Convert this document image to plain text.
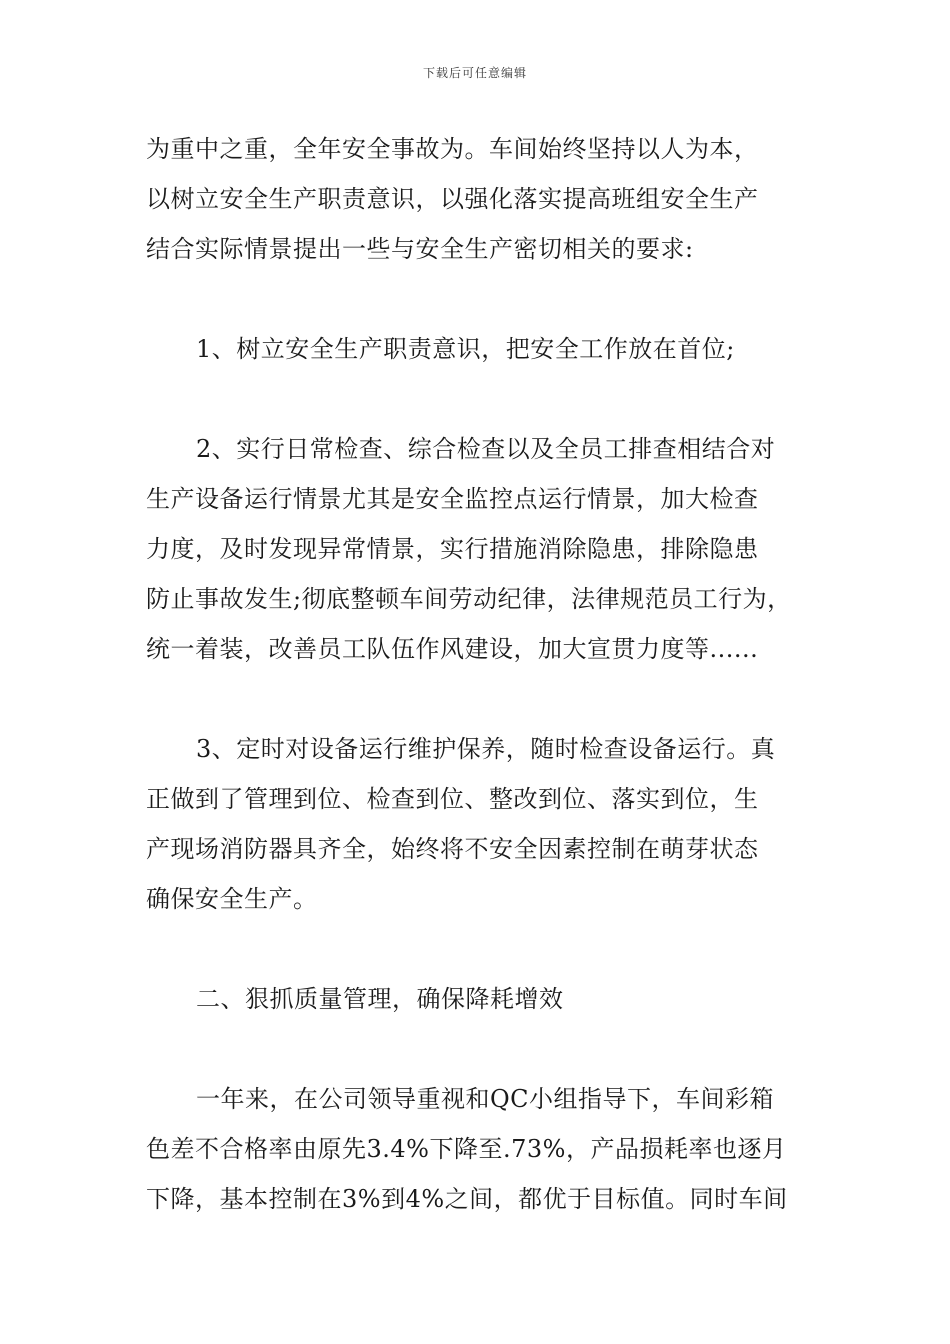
下载后可任意编辑
为重中之重，全年安全事故为。车间始终坚持以人为本，
以树立安全生产职责意识，以强化落实提高班组安全生产
结合实际情景提出一些与安全生产密切相关的要求:
1、树立安全生产职责意识，把安全工作放在首位;
2、实行日常检查、综合检查以及全员工排查相结合对
生产设备运行情景尤其是安全监控点运行情景，加大检查
力度，及时发现异常情景，实行措施消除隐患，排除隐患
防止事故发生;彻底整顿车间劳动纪律，法律规范员工行为，
统一着装，改善员工队伍作风建设，加大宣贯力度等......
3、定时对设备运行维护保养，随时检查设备运行。真
正做到了管理到位、检查到位、整改到位、落实到位，生
产现场消防器具齐全，始终将不安全因素控制在萌芽状态
确保安全生产。
二、狠抓质量管理，确保降耗增效
一年来，在公司领导重视和QC小组指导下，车间彩箱
色差不合格率由原先3.4%下降至.73%，产品损耗率也逐月
下降，基本控制在3%到4%之间，都优于目标值。同时车间
